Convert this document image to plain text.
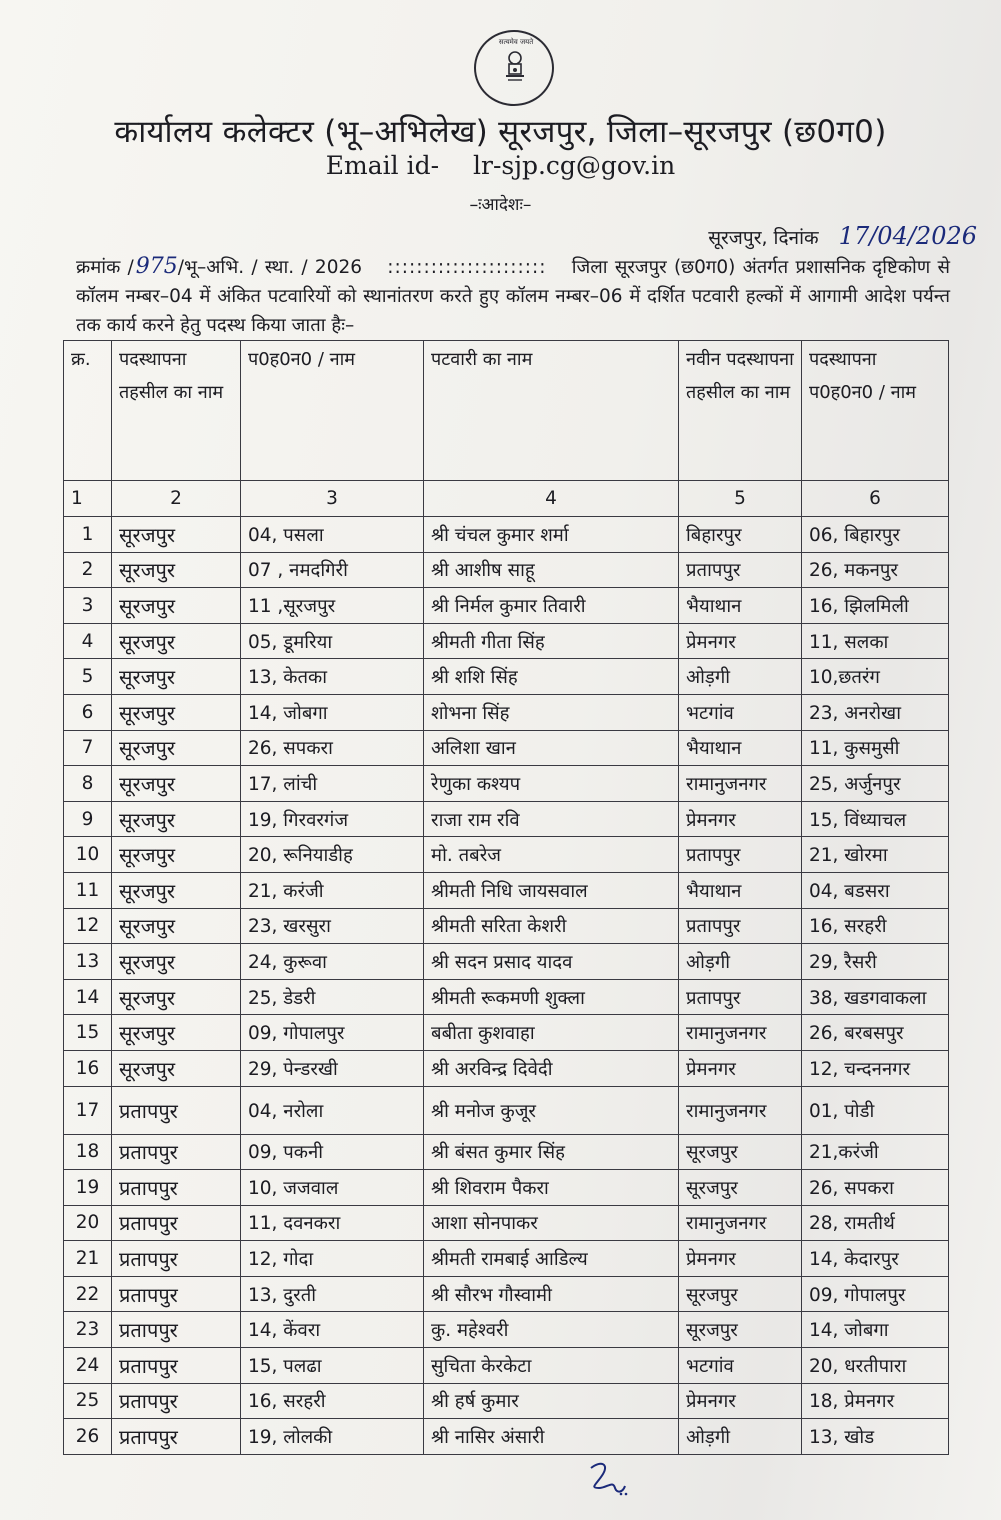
सत्यमेव जयते
कार्यालय कलेक्टर (भू–अभिलेख) सूरजपुर, जिला–सूरजपुर (छ0ग0)
Email id- lr-sjp.cg@gov.in
–ःआदेशः–
सूरजपुर, दिनांक 17/04/2026
क्रमांक /975/भू–अभि. / स्था. / 2026 :::::::::::::::::::::: जिला सूरजपुर (छ0ग0) अंतर्गत प्रशासनिक दृष्टिकोण से कॉलम नम्बर–04 में अंकित पटवारियों को स्थानांतरण करते हुए कॉलम नम्बर–06 में दर्शित पटवारी हल्कों में आगामी आदेश पर्यन्त तक कार्य करने हेतु पदस्थ किया जाता हैः–
क्र.	पदस्थापना तहसील का नाम	प0ह0न0 / नाम	पटवारी का नाम	नवीन पदस्थापना तहसील का नाम	पदस्थापना प0ह0न0 / नाम
1	2	3	4	5	6
1	सूरजपुर	04, पसला	श्री चंचल कुमार शर्मा	बिहारपुर	06, बिहारपुर
2	सूरजपुर	07 , नमदगिरी	श्री आशीष साहू	प्रतापपुर	26, मकनपुर
3	सूरजपुर	11 ,सूरजपुर	श्री निर्मल कुमार तिवारी	भैयाथान	16, झिलमिली
4	सूरजपुर	05, डूमरिया	श्रीमती गीता सिंह	प्रेमनगर	11, सलका
5	सूरजपुर	13, केतका	श्री शशि सिंह	ओड़गी	10,छतरंग
6	सूरजपुर	14, जोबगा	शोभना सिंह	भटगांव	23, अनरोखा
7	सूरजपुर	26, सपकरा	अलिशा खान	भैयाथान	11, कुसमुसी
8	सूरजपुर	17, लांची	रेणुका कश्यप	रामानुजनगर	25, अर्जुनपुर
9	सूरजपुर	19, गिरवरगंज	राजा राम रवि	प्रेमनगर	15, विंध्याचल
10	सूरजपुर	20, रूनियाडीह	मो. तबरेज	प्रतापपुर	21, खोरमा
11	सूरजपुर	21, करंजी	श्रीमती निधि जायसवाल	भैयाथान	04, बडसरा
12	सूरजपुर	23, खरसुरा	श्रीमती सरिता केशरी	प्रतापपुर	16, सरहरी
13	सूरजपुर	24, कुरूवा	श्री सदन प्रसाद यादव	ओड़गी	29, रैसरी
14	सूरजपुर	25, डेडरी	श्रीमती रूकमणी शुक्ला	प्रतापपुर	38, खडगवाकला
15	सूरजपुर	09, गोपालपुर	बबीता कुशवाहा	रामानुजनगर	26, बरबसपुर
16	सूरजपुर	29, पेन्डरखी	श्री अरविन्द्र दिवेदी	प्रेमनगर	12, चन्दननगर
17	प्रतापपुर	04, नरोला	श्री मनोज कुजूर	रामानुजनगर	01, पोडी
18	प्रतापपुर	09, पकनी	श्री बंसत कुमार सिंह	सूरजपुर	21,करंजी
19	प्रतापपुर	10, जजवाल	श्री शिवराम पैकरा	सूरजपुर	26, सपकरा
20	प्रतापपुर	11, दवनकरा	आशा सोनपाकर	रामानुजनगर	28, रामतीर्थ
21	प्रतापपुर	12, गोदा	श्रीमती रामबाई आडिल्य	प्रेमनगर	14, केदारपुर
22	प्रतापपुर	13, दुरती	श्री सौरभ गौस्वामी	सूरजपुर	09, गोपालपुर
23	प्रतापपुर	14, केंवरा	कु. महेश्वरी	सूरजपुर	14, जोबगा
24	प्रतापपुर	15, पलढा	सुचिता केरकेटा	भटगांव	20, धरतीपारा
25	प्रतापपुर	16, सरहरी	श्री हर्ष कुमार	प्रेमनगर	18, प्रेमनगर
26	प्रतापपुर	19, लोलकी	श्री नासिर अंसारी	ओड़गी	13, खोड
